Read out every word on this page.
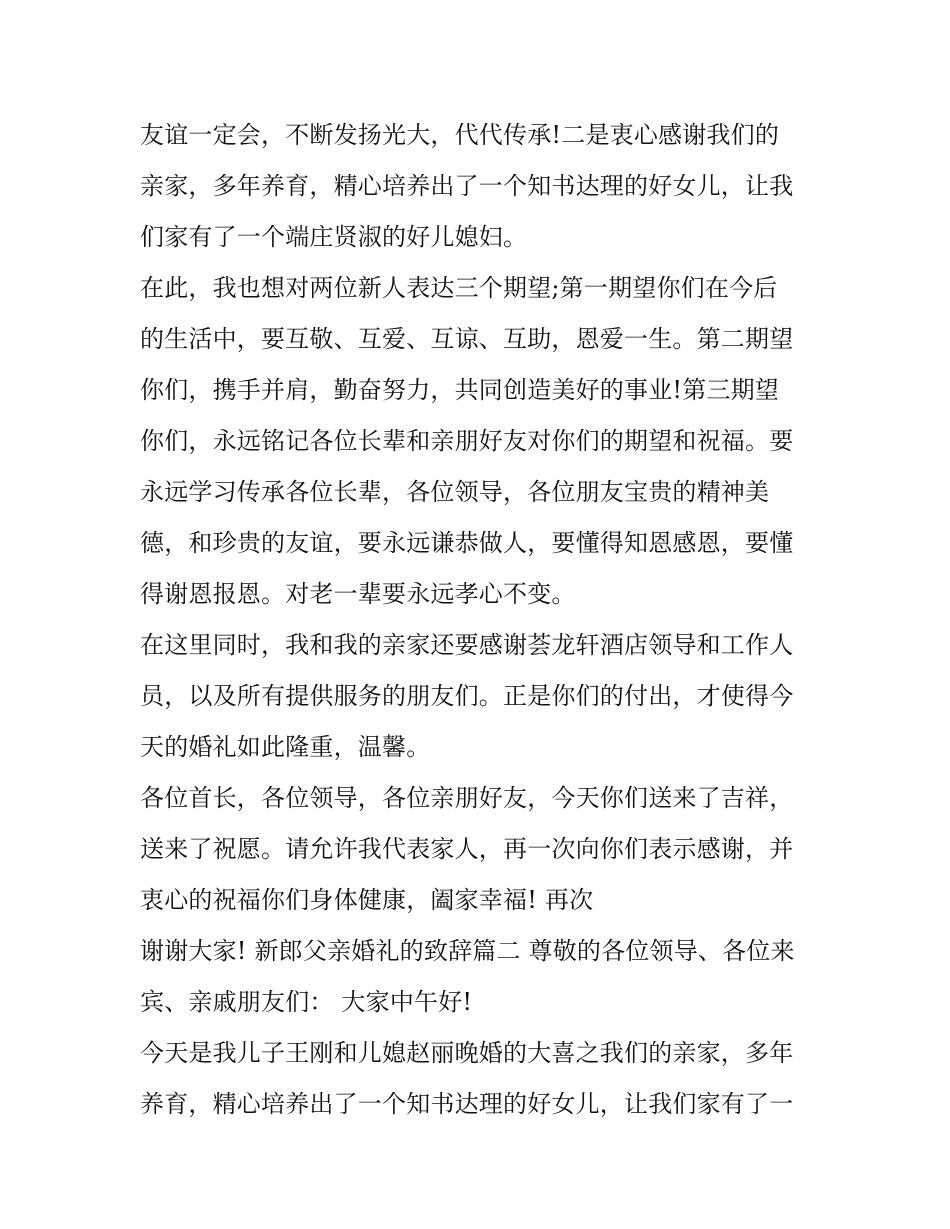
友谊一定会，不断发扬光大，代代传承!二是衷心感谢我们的
亲家，多年养育，精心培养出了一个知书达理的好女儿，让我
们家有了一个端庄贤淑的好儿媳妇。
在此，我也想对两位新人表达三个期望;第一期望你们在今后
的生活中，要互敬、互爱、互谅、互助，恩爱一生。第二期望
你们，携手并肩，勤奋努力，共同创造美好的事业!第三期望
你们，永远铭记各位长辈和亲朋好友对你们的期望和祝福。要
永远学习传承各位长辈，各位领导，各位朋友宝贵的精神美
德，和珍贵的友谊，要永远谦恭做人，要懂得知恩感恩，要懂
得谢恩报恩。对老一辈要永远孝心不变。
在这里同时，我和我的亲家还要感谢荟龙轩酒店领导和工作人
员，以及所有提供服务的朋友们。正是你们的付出，才使得今
天的婚礼如此隆重，温馨。
各位首长，各位领导，各位亲朋好友，今天你们送来了吉祥，
送来了祝愿。请允许我代表家人，再一次向你们表示感谢，并
衷心的祝福你们身体健康，阖家幸福! 再次
谢谢大家! 新郎父亲婚礼的致辞篇二 尊敬的各位领导、各位来
宾、亲戚朋友们： 大家中午好!
今天是我儿子王刚和儿媳赵丽晚婚的大喜之我们的亲家，多年
养育，精心培养出了一个知书达理的好女儿，让我们家有了一
